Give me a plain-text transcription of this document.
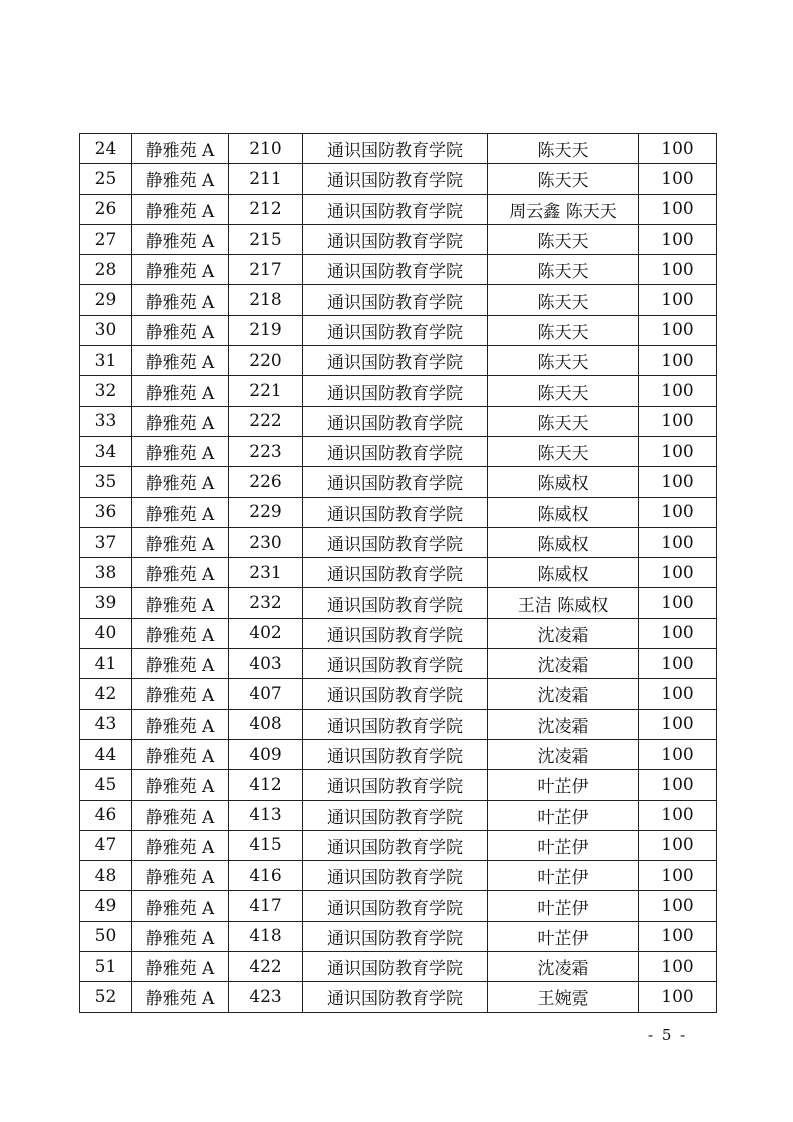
24	静雅苑 A	210	通识国防教育学院	陈天天	100
25	静雅苑 A	211	通识国防教育学院	陈天天	100
26	静雅苑 A	212	通识国防教育学院	周云鑫 陈天天	100
27	静雅苑 A	215	通识国防教育学院	陈天天	100
28	静雅苑 A	217	通识国防教育学院	陈天天	100
29	静雅苑 A	218	通识国防教育学院	陈天天	100
30	静雅苑 A	219	通识国防教育学院	陈天天	100
31	静雅苑 A	220	通识国防教育学院	陈天天	100
32	静雅苑 A	221	通识国防教育学院	陈天天	100
33	静雅苑 A	222	通识国防教育学院	陈天天	100
34	静雅苑 A	223	通识国防教育学院	陈天天	100
35	静雅苑 A	226	通识国防教育学院	陈威权	100
36	静雅苑 A	229	通识国防教育学院	陈威权	100
37	静雅苑 A	230	通识国防教育学院	陈威权	100
38	静雅苑 A	231	通识国防教育学院	陈威权	100
39	静雅苑 A	232	通识国防教育学院	王洁 陈威权	100
40	静雅苑 A	402	通识国防教育学院	沈凌霜	100
41	静雅苑 A	403	通识国防教育学院	沈凌霜	100
42	静雅苑 A	407	通识国防教育学院	沈凌霜	100
43	静雅苑 A	408	通识国防教育学院	沈凌霜	100
44	静雅苑 A	409	通识国防教育学院	沈凌霜	100
45	静雅苑 A	412	通识国防教育学院	叶芷伊	100
46	静雅苑 A	413	通识国防教育学院	叶芷伊	100
47	静雅苑 A	415	通识国防教育学院	叶芷伊	100
48	静雅苑 A	416	通识国防教育学院	叶芷伊	100
49	静雅苑 A	417	通识国防教育学院	叶芷伊	100
50	静雅苑 A	418	通识国防教育学院	叶芷伊	100
51	静雅苑 A	422	通识国防教育学院	沈凌霜	100
52	静雅苑 A	423	通识国防教育学院	王婉霓	100
- 5 -
